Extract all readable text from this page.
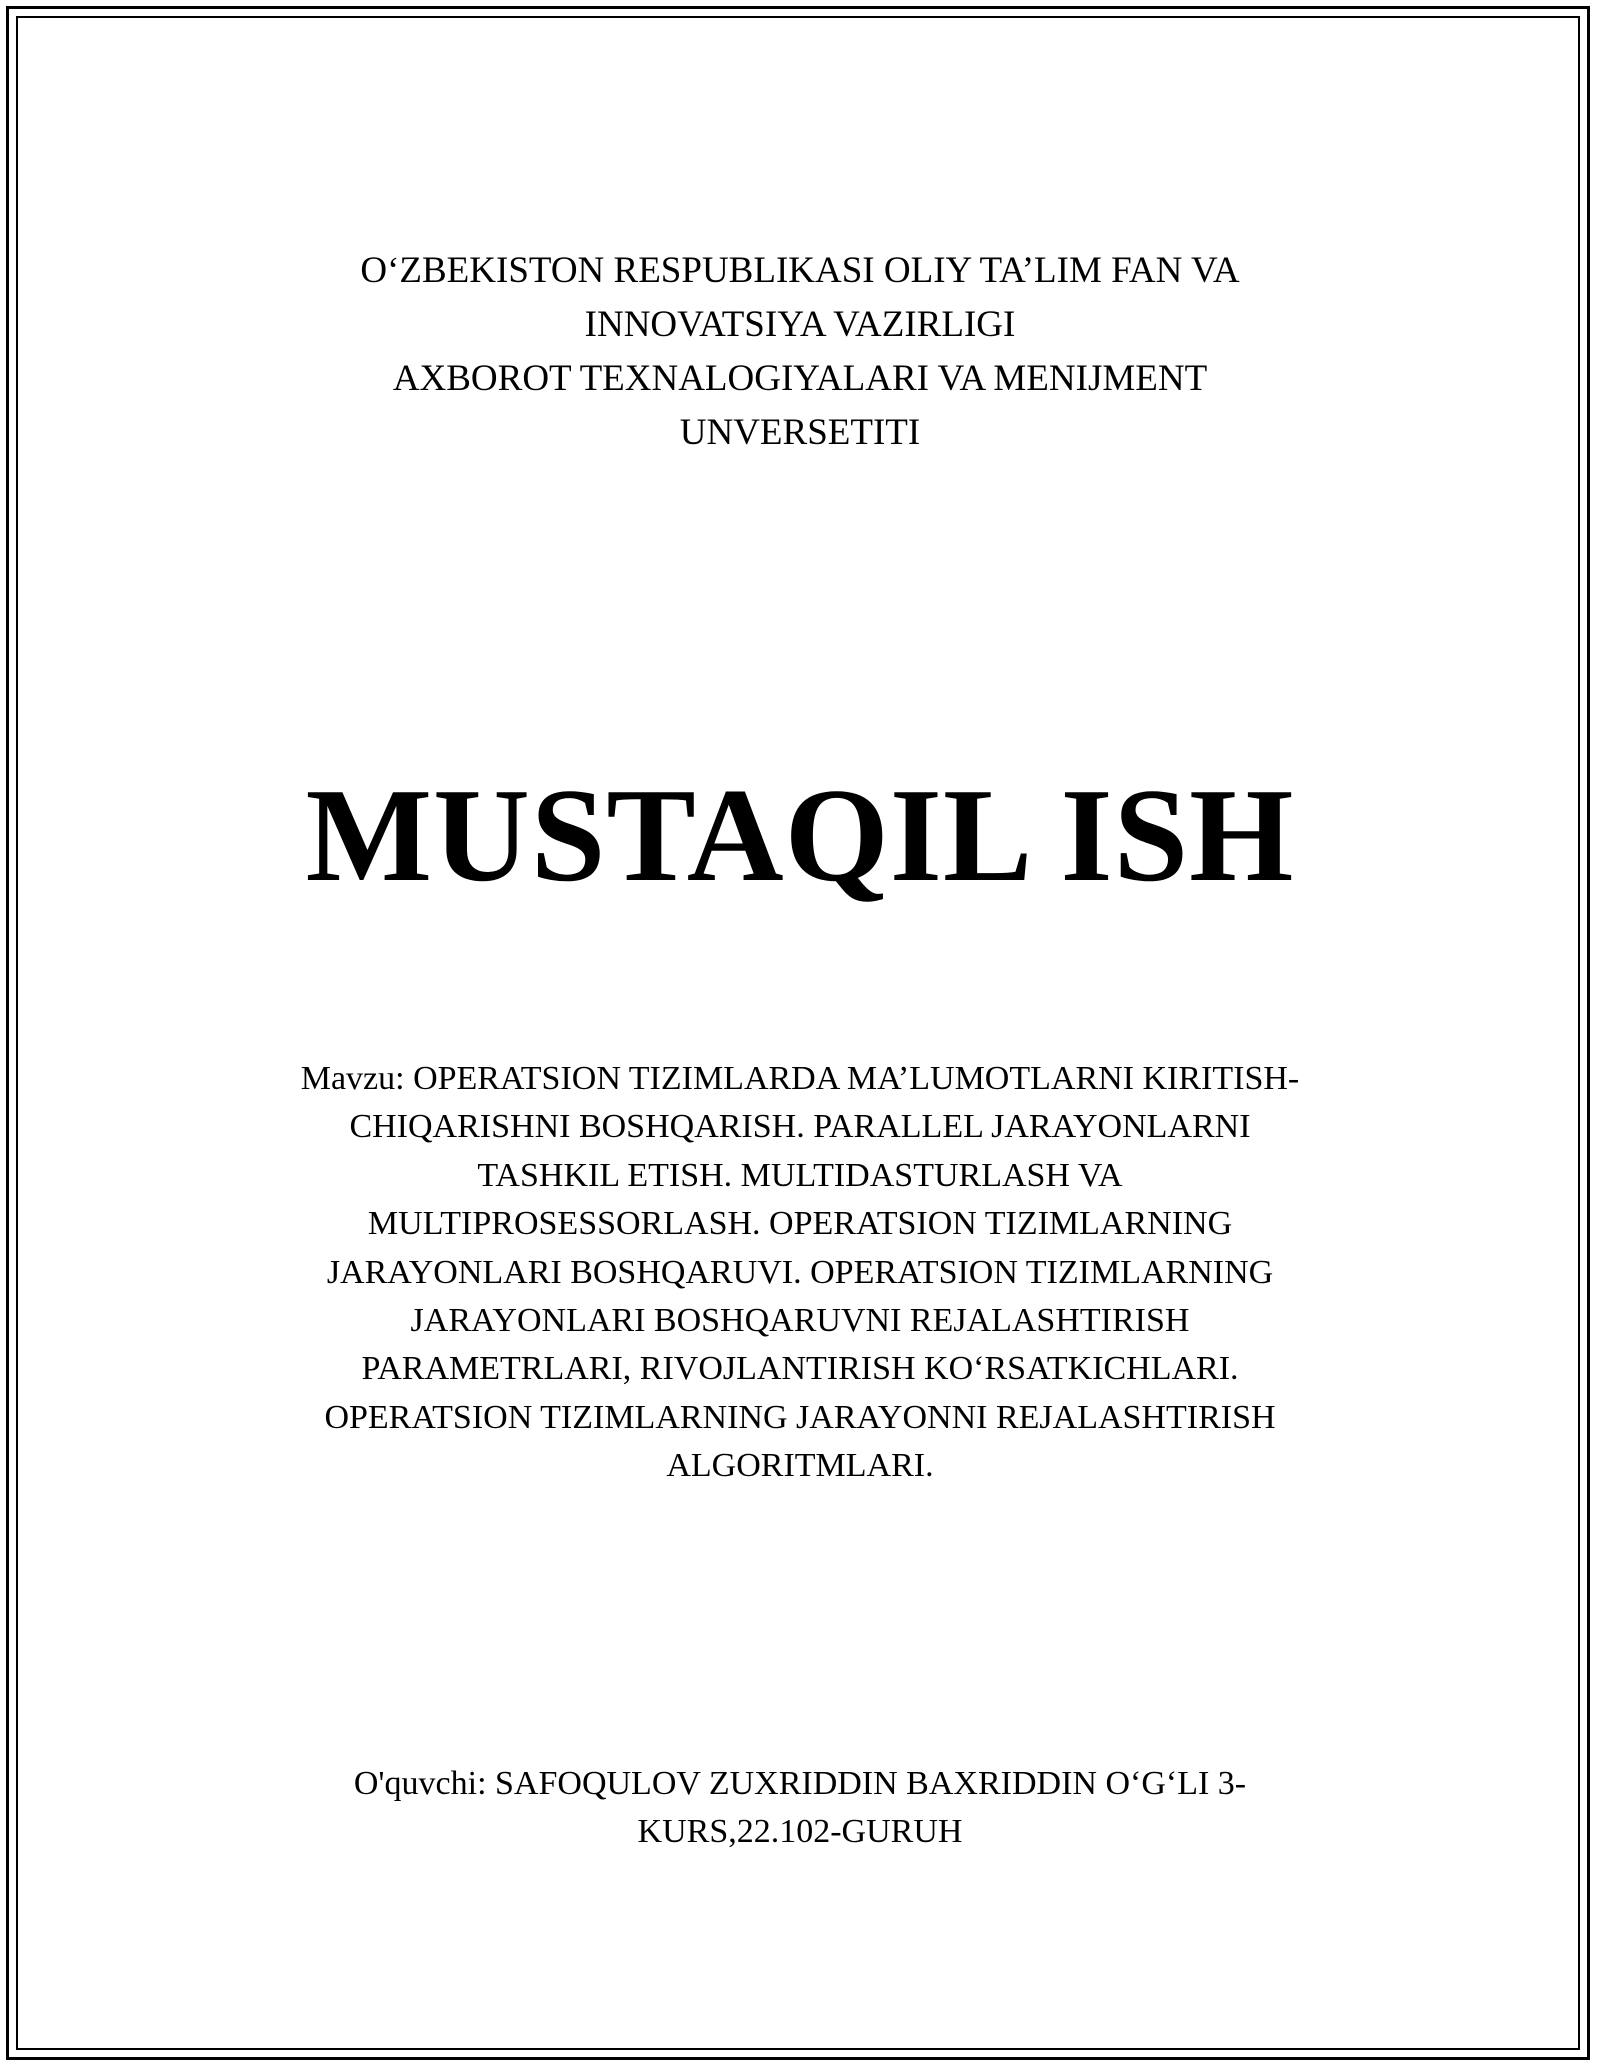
O‘ZBEKISTON RESPUBLIKASI OLIY TA’LIM FAN VA
INNOVATSIYA VAZIRLIGI
AXBOROT TEXNALOGIYALARI VA MENIJMENT
UNVERSETITI
MUSTAQIL ISH
Mavzu: OPERATSION TIZIMLARDA MA’LUMOTLARNI KIRITISH-
CHIQARISHNI BOSHQARISH. PARALLEL JARAYONLARNI
TASHKIL ETISH. MULTIDASTURLASH VA
MULTIPROSESSORLASH. OPERATSION TIZIMLARNING
JARAYONLARI BOSHQARUVI. OPERATSION TIZIMLARNING
JARAYONLARI BOSHQARUVNI REJALASHTIRISH
PARAMETRLARI, RIVOJLANTIRISH KO‘RSATKICHLARI.
OPERATSION TIZIMLARNING JARAYONNI REJALASHTIRISH
ALGORITMLARI.
O'quvchi: SAFOQULOV ZUXRIDDIN BAXRIDDIN O‘G‘LI 3-
KURS,22.102-GURUH
